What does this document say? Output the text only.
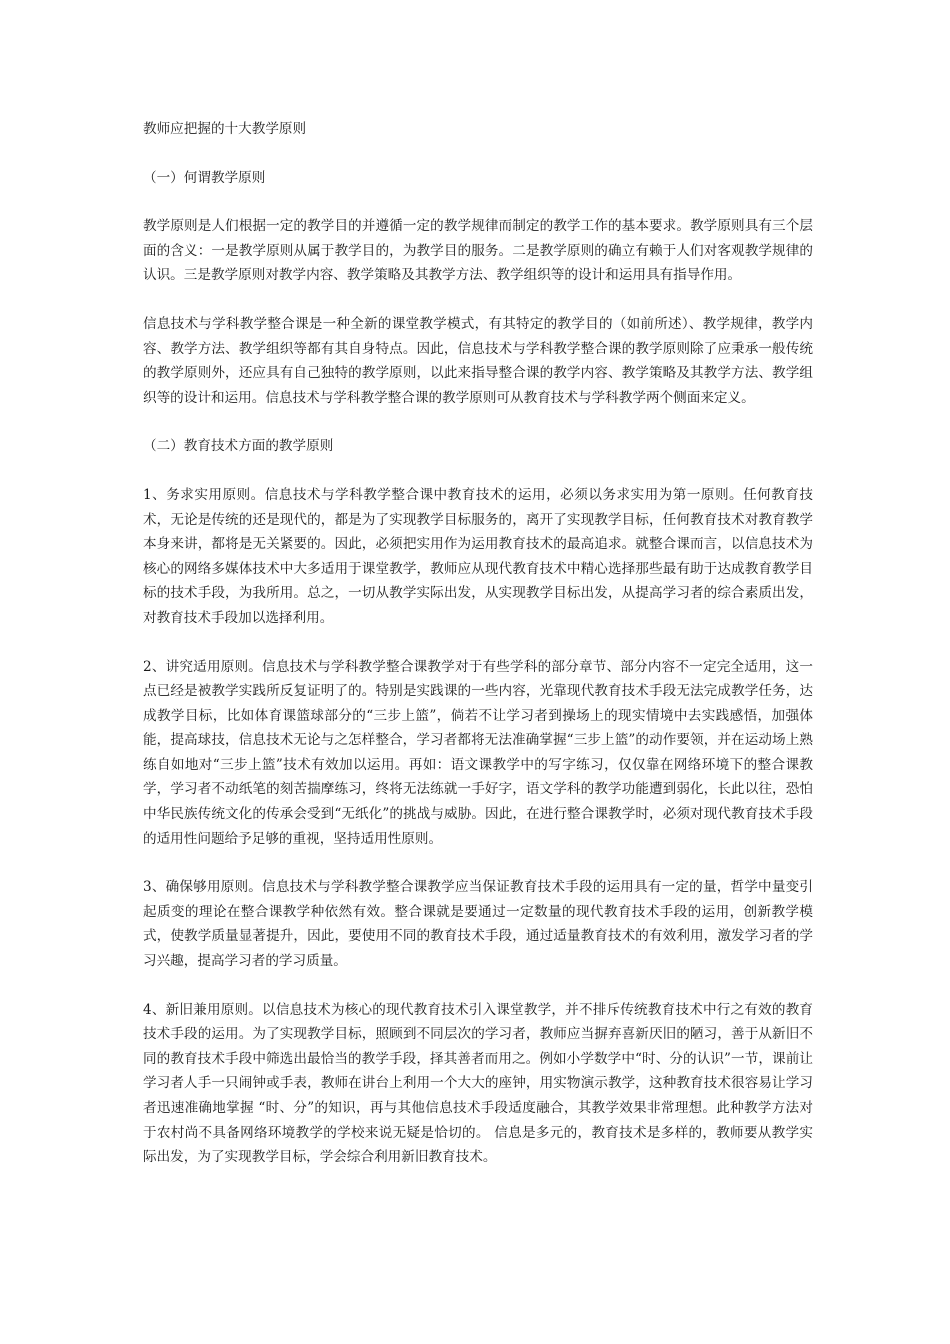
教师应把握的十大教学原则

（一）何谓教学原则

教学原则是人们根据一定的教学目的并遵循一定的教学规律而制定的教学工作的基本要求。教学原则具有三个层面的含义：一是教学原则从属于教学目的，为教学目的服务。二是教学原则的确立有赖于人们对客观教学规律的认识。三是教学原则对教学内容、教学策略及其教学方法、教学组织等的设计和运用具有指导作用。

信息技术与学科教学整合课是一种全新的课堂教学模式，有其特定的教学目的（如前所述）、教学规律，教学内容、教学方法、教学组织等都有其自身特点。因此，信息技术与学科教学整合课的教学原则除了应秉承一般传统的教学原则外，还应具有自己独特的教学原则，以此来指导整合课的教学内容、教学策略及其教学方法、教学组织等的设计和运用。信息技术与学科教学整合课的教学原则可从教育技术与学科教学两个侧面来定义。

（二）教育技术方面的教学原则

1、务求实用原则。信息技术与学科教学整合课中教育技术的运用，必须以务求实用为第一原则。任何教育技术，无论是传统的还是现代的，都是为了实现教学目标服务的，离开了实现教学目标，任何教育技术对教育教学本身来讲，都将是无关紧要的。因此，必须把实用作为运用教育技术的最高追求。就整合课而言，以信息技术为核心的网络多媒体技术中大多适用于课堂教学，教师应从现代教育技术中精心选择那些最有助于达成教育教学目标的技术手段，为我所用。总之，一切从教学实际出发，从实现教学目标出发，从提高学习者的综合素质出发，对教育技术手段加以选择利用。

2、讲究适用原则。信息技术与学科教学整合课教学对于有些学科的部分章节、部分内容不一定完全适用，这一点已经是被教学实践所反复证明了的。特别是实践课的一些内容，光靠现代教育技术手段无法完成教学任务，达成教学目标，比如体育课篮球部分的“三步上篮”，倘若不让学习者到操场上的现实情境中去实践感悟，加强体能，提高球技，信息技术无论与之怎样整合，学习者都将无法准确掌握“三步上篮”的动作要领，并在运动场上熟练自如地对“三步上篮”技术有效加以运用。再如：语文课教学中的写字练习，仅仅靠在网络环境下的整合课教学，学习者不动纸笔的刻苦揣摩练习，终将无法练就一手好字，语文学科的教学功能遭到弱化，长此以往，恐怕中华民族传统文化的传承会受到“无纸化”的挑战与威胁。因此，在进行整合课教学时，必须对现代教育技术手段的适用性问题给予足够的重视，坚持适用性原则。

3、确保够用原则。信息技术与学科教学整合课教学应当保证教育技术手段的运用具有一定的量，哲学中量变引起质变的理论在整合课教学种依然有效。整合课就是要通过一定数量的现代教育技术手段的运用，创新教学模式，使教学质量显著提升，因此，要使用不同的教育技术手段，通过适量教育技术的有效利用，激发学习者的学习兴趣，提高学习者的学习质量。

4、新旧兼用原则。以信息技术为核心的现代教育技术引入课堂教学，并不排斥传统教育技术中行之有效的教育技术手段的运用。为了实现教学目标，照顾到不同层次的学习者，教师应当摒弃喜新厌旧的陋习，善于从新旧不同的教育技术手段中筛选出最恰当的教学手段，择其善者而用之。例如小学数学中“时、分的认识”一节，课前让学习者人手一只闹钟或手表，教师在讲台上利用一个大大的座钟，用实物演示教学，这种教育技术很容易让学习者迅速准确地掌握 “时、分”的知识，再与其他信息技术手段适度融合，其教学效果非常理想。此种教学方法对于农村尚不具备网络环境教学的学校来说无疑是恰切的。 信息是多元的，教育技术是多样的，教师要从教学实际出发，为了实现教学目标，学会综合利用新旧教育技术。
